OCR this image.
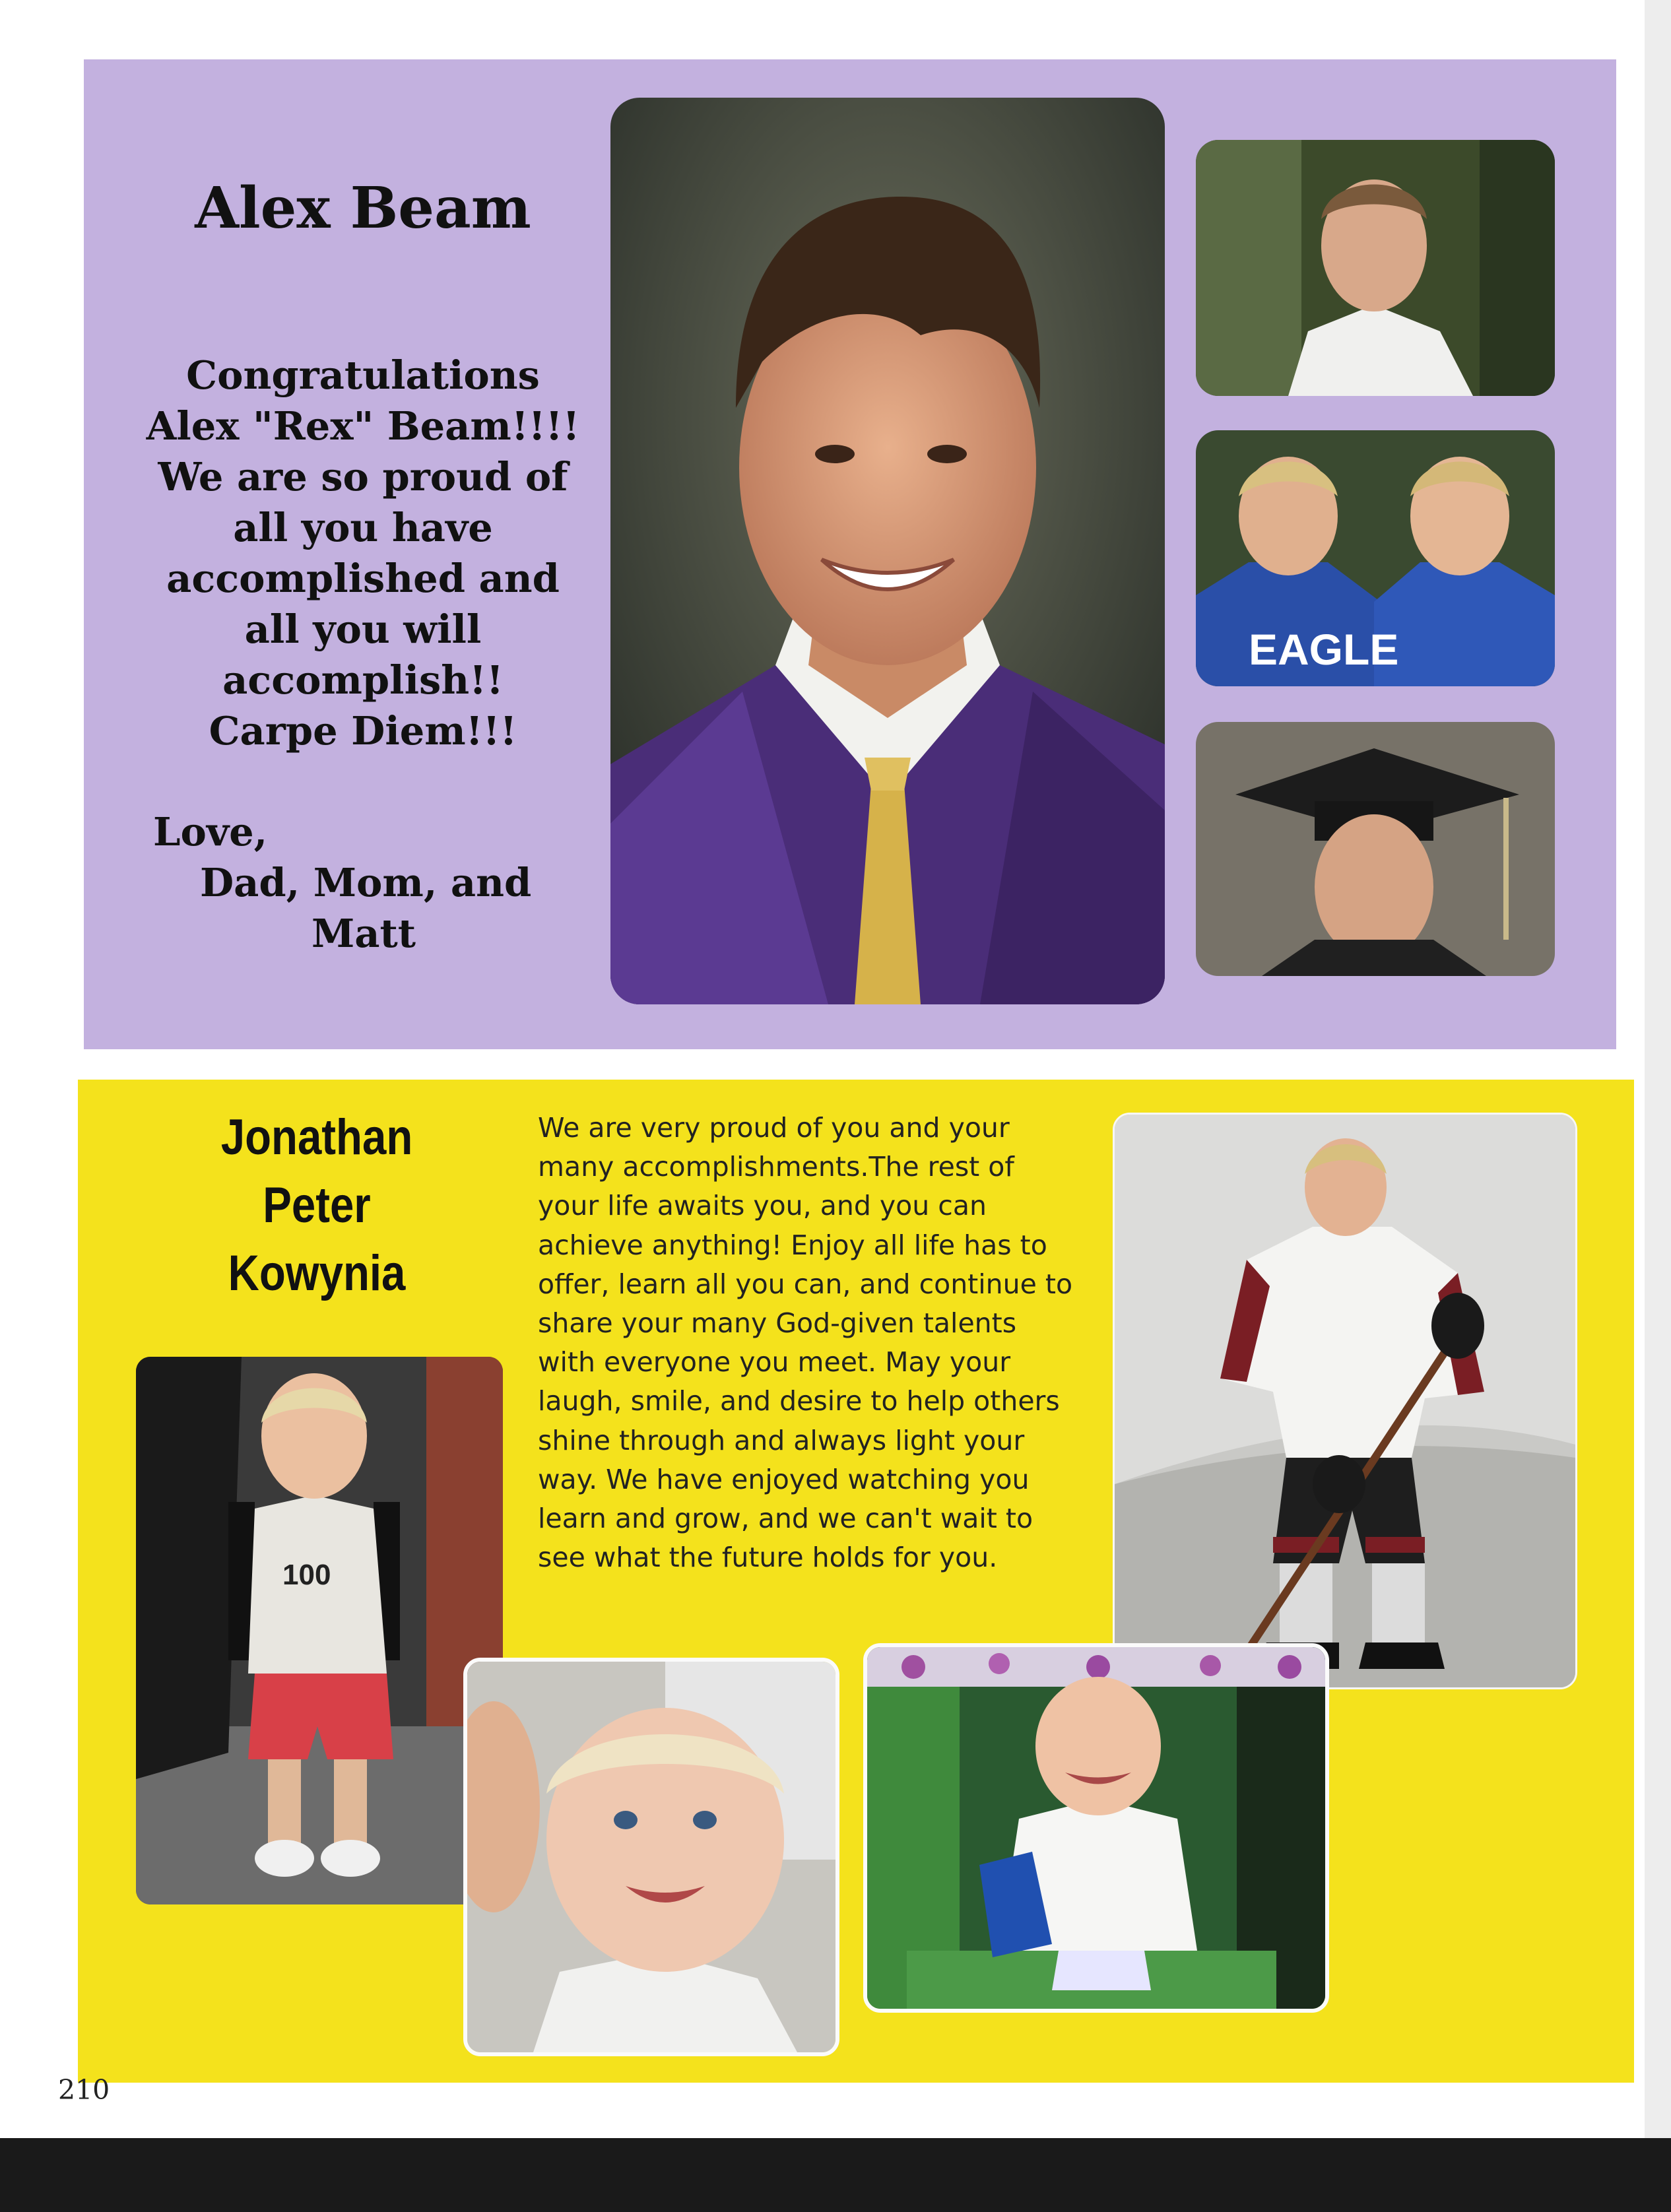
Alex Beam
Congratulations
Alex "Rex" Beam!!!!
We are so proud of
all you have
accomplished and
all you will
accomplish!!
Carpe Diem!!!
Love,
Dad, Mom, and
Matt
EAGLE
Jonathan
Peter
Kowynia
We are very proud of you and your
many accomplishments.The rest of
your life awaits you, and you can
achieve anything! Enjoy all life has to
offer, learn all you can, and continue to
share your many God-given talents
with everyone you meet. May your
laugh, smile, and desire to help others
shine through and always light your
way. We have enjoyed watching you
learn and grow, and we can't wait to
see what the future holds for you.
100
210
